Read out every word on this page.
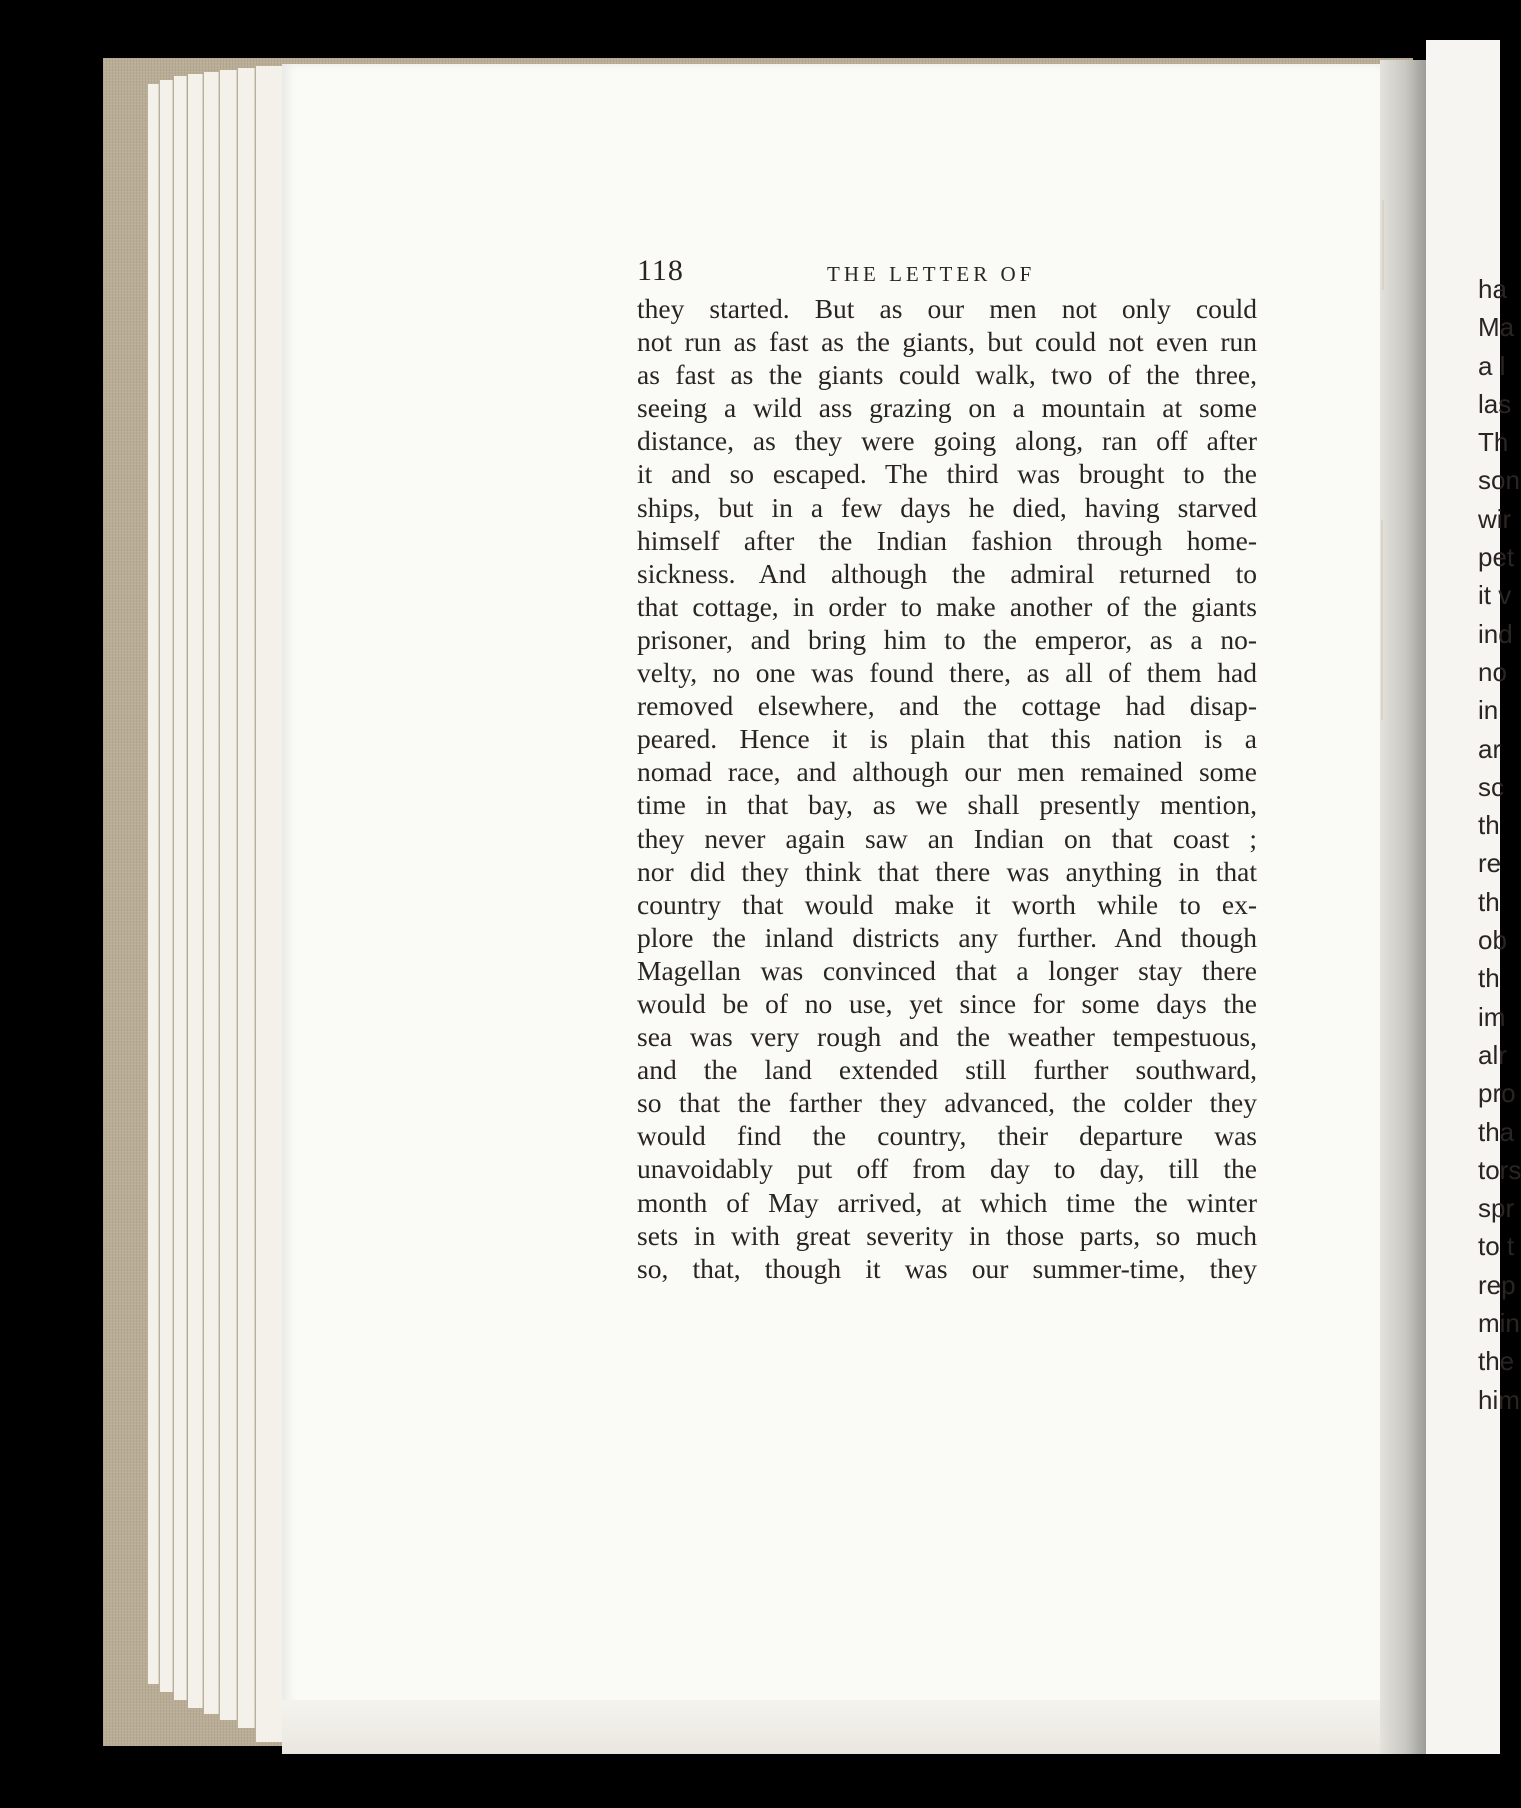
118	THE LETTER OF
they started. But as our men not only could
not run as fast as the giants, but could not even run
as fast as the giants could walk, two of the three,
seeing a wild ass grazing on a mountain at some
distance, as they were going along, ran off after
it and so escaped. The third was brought to the
ships, but in a few days he died, having starved
himself after the Indian fashion through home-
sickness. And although the admiral returned to
that cottage, in order to make another of the giants
prisoner, and bring him to the emperor, as a no-
velty, no one was found there, as all of them had
removed elsewhere, and the cottage had disap-
peared. Hence it is plain that this nation is a
nomad race, and although our men remained some
time in that bay, as we shall presently mention,
they never again saw an Indian on that coast ;
nor did they think that there was anything in that
country that would make it worth while to ex-
plore the inland districts any further. And though
Magellan was convinced that a longer stay there
would be of no use, yet since for some days the
sea was very rough and the weather tempestuous,
and the land extended still further southward,
so that the farther they advanced, the colder they
would find the country, their departure was
unavoidably put off from day to day, till the
month of May arrived, at which time the winter
sets in with great severity in those parts, so much
so, that, though it was our summer-time, they
ha
Ma
a l
las
Th
son
wir
pet
it v
ind
no
in
ar
sc
th
re
th
ob
th
im
alr
pro
tha
tors
spr
to t
rep
min
the
him
